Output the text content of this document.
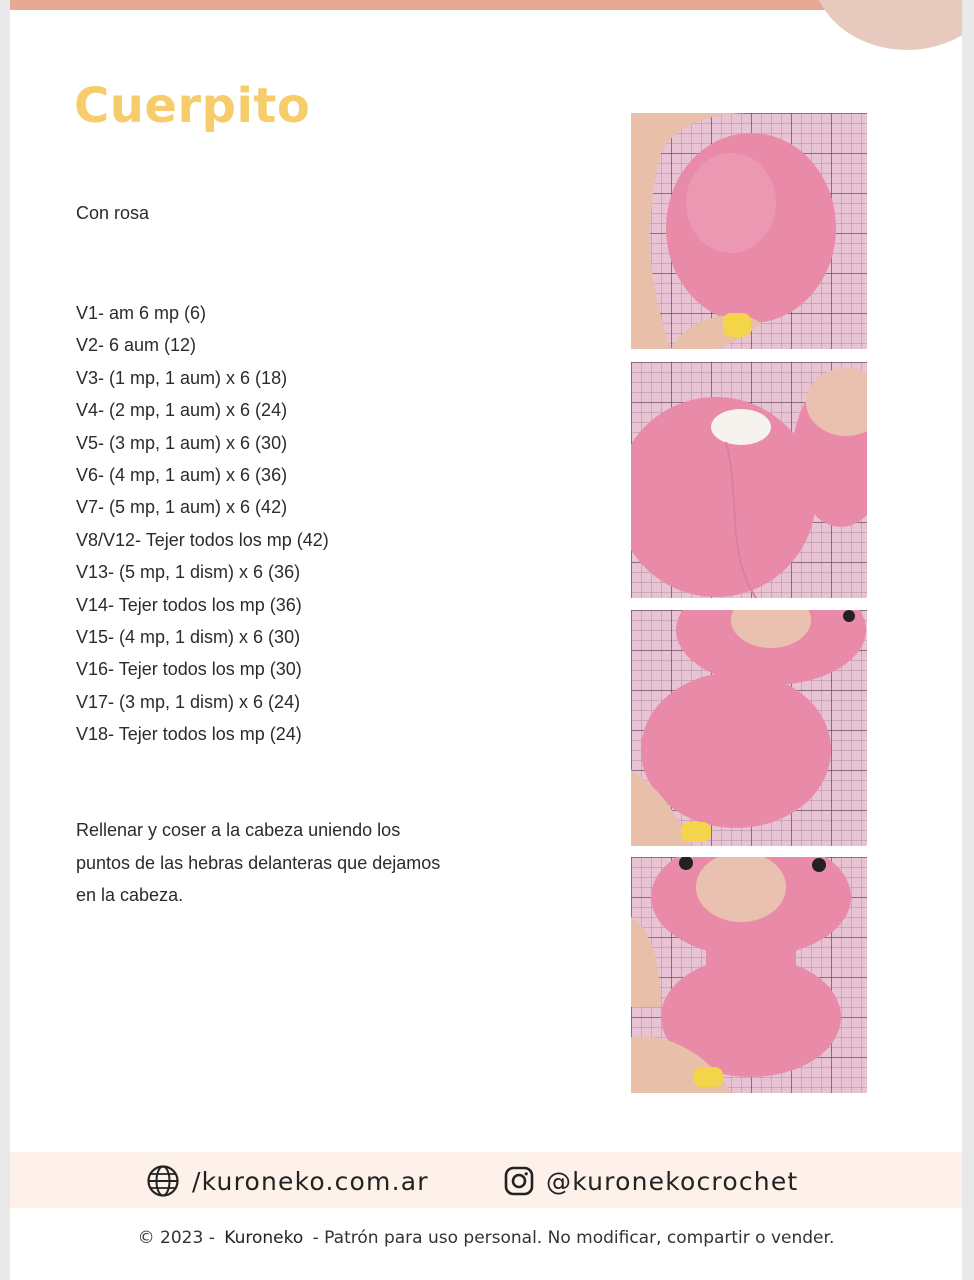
Cuerpito

Con rosa

V1- am 6 mp (6)
V2- 6 aum (12)
V3- (1 mp, 1 aum) x 6 (18)
V4- (2 mp, 1 aum) x 6 (24)
V5- (3 mp, 1 aum) x 6 (30)
V6- (4 mp, 1 aum) x 6 (36)
V7- (5 mp, 1 aum) x 6 (42)
V8/V12- Tejer todos los mp (42)
V13- (5 mp, 1 dism) x 6 (36)
V14- Tejer todos los mp (36)
V15- (4 mp, 1 dism) x 6 (30)
V16- Tejer todos los mp (30)
V17- (3 mp, 1 dism) x 6 (24)
V18- Tejer todos los mp (24)

Rellenar y coser a la cabeza uniendo los puntos de las hebras delanteras que dejamos en la cabeza.

/kuroneko.com.ar	@kuronekocrochet

© 2023 - Kuroneko - Patrón para uso personal. No modificar, compartir o vender.
